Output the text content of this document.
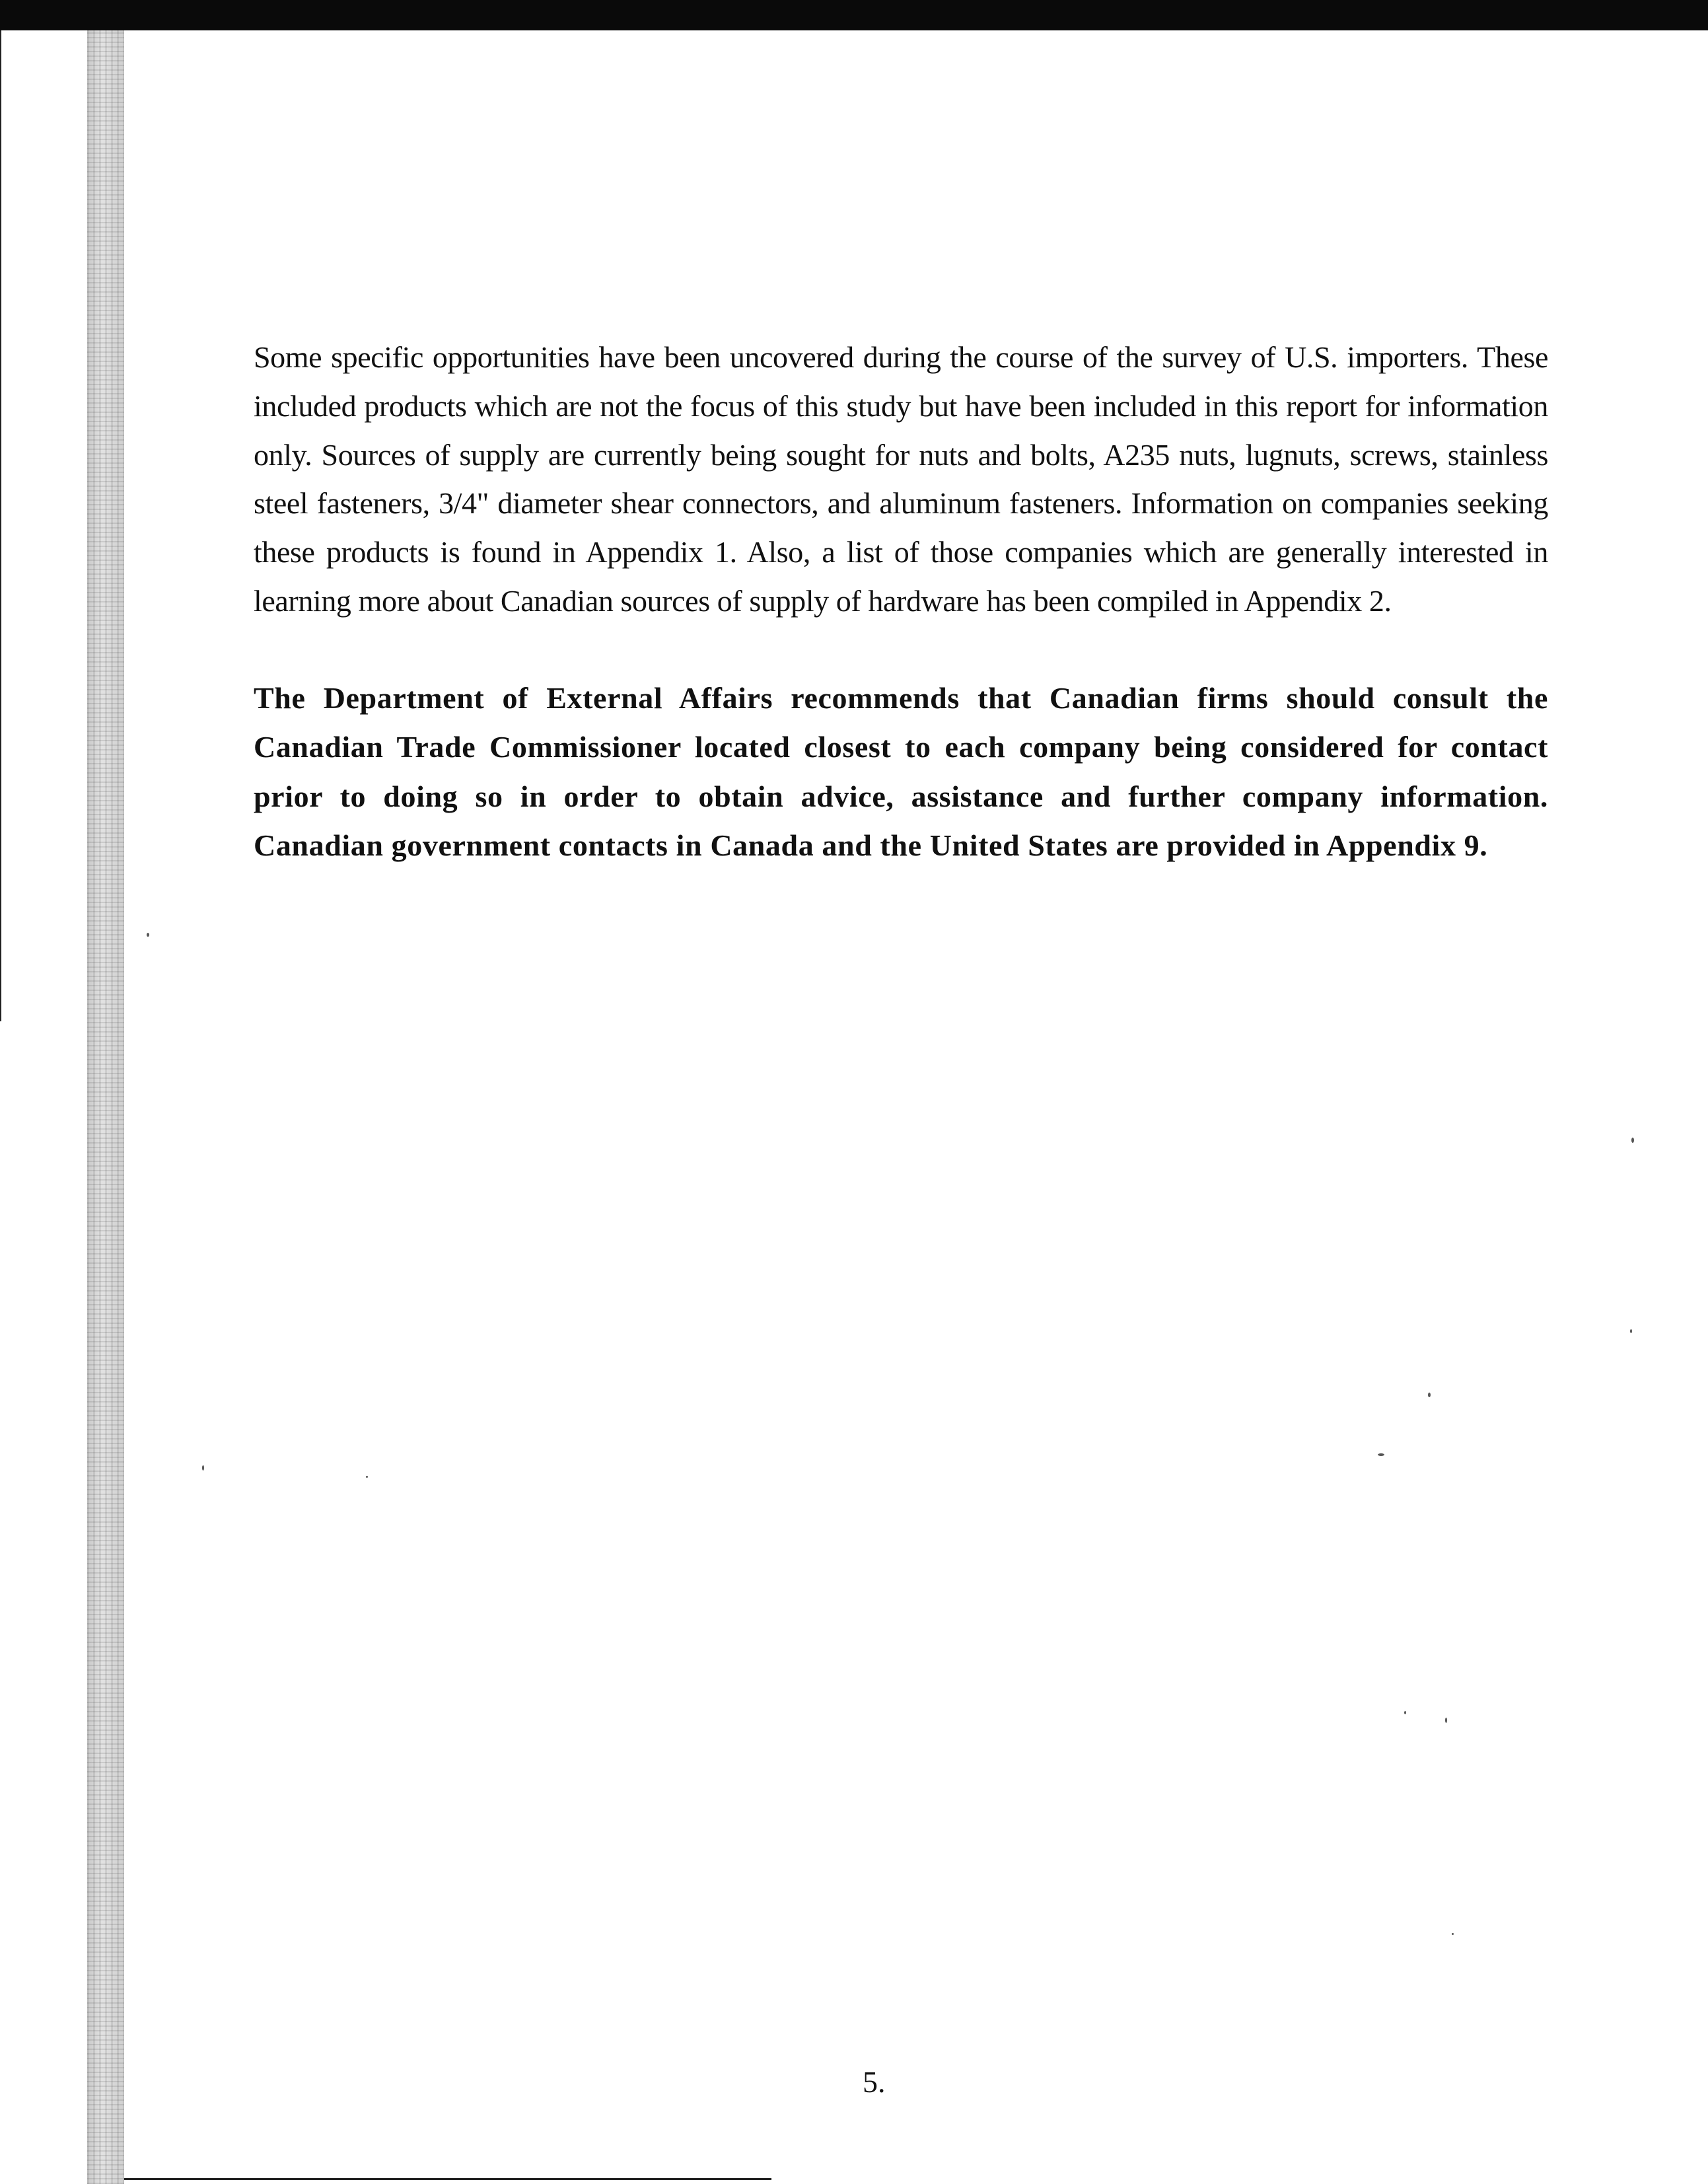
Some specific opportunities have been uncovered during the course of the survey of U.S. importers. These included products which are not the focus of this study but have been included in this report for information only. Sources of supply are currently being sought for nuts and bolts, A235 nuts, lugnuts, screws, stainless steel fasteners, 3/4" diameter shear connectors, and aluminum fasteners. Information on companies seeking these products is found in Appendix 1. Also, a list of those companies which are generally interested in learning more about Canadian sources of supply of hardware has been compiled in Appendix 2.

The Department of External Affairs recommends that Canadian firms should consult the Canadian Trade Commissioner located closest to each company being considered for contact prior to doing so in order to obtain advice, assistance and further company information. Canadian government contacts in Canada and the United States are provided in Appendix 9.

5.
